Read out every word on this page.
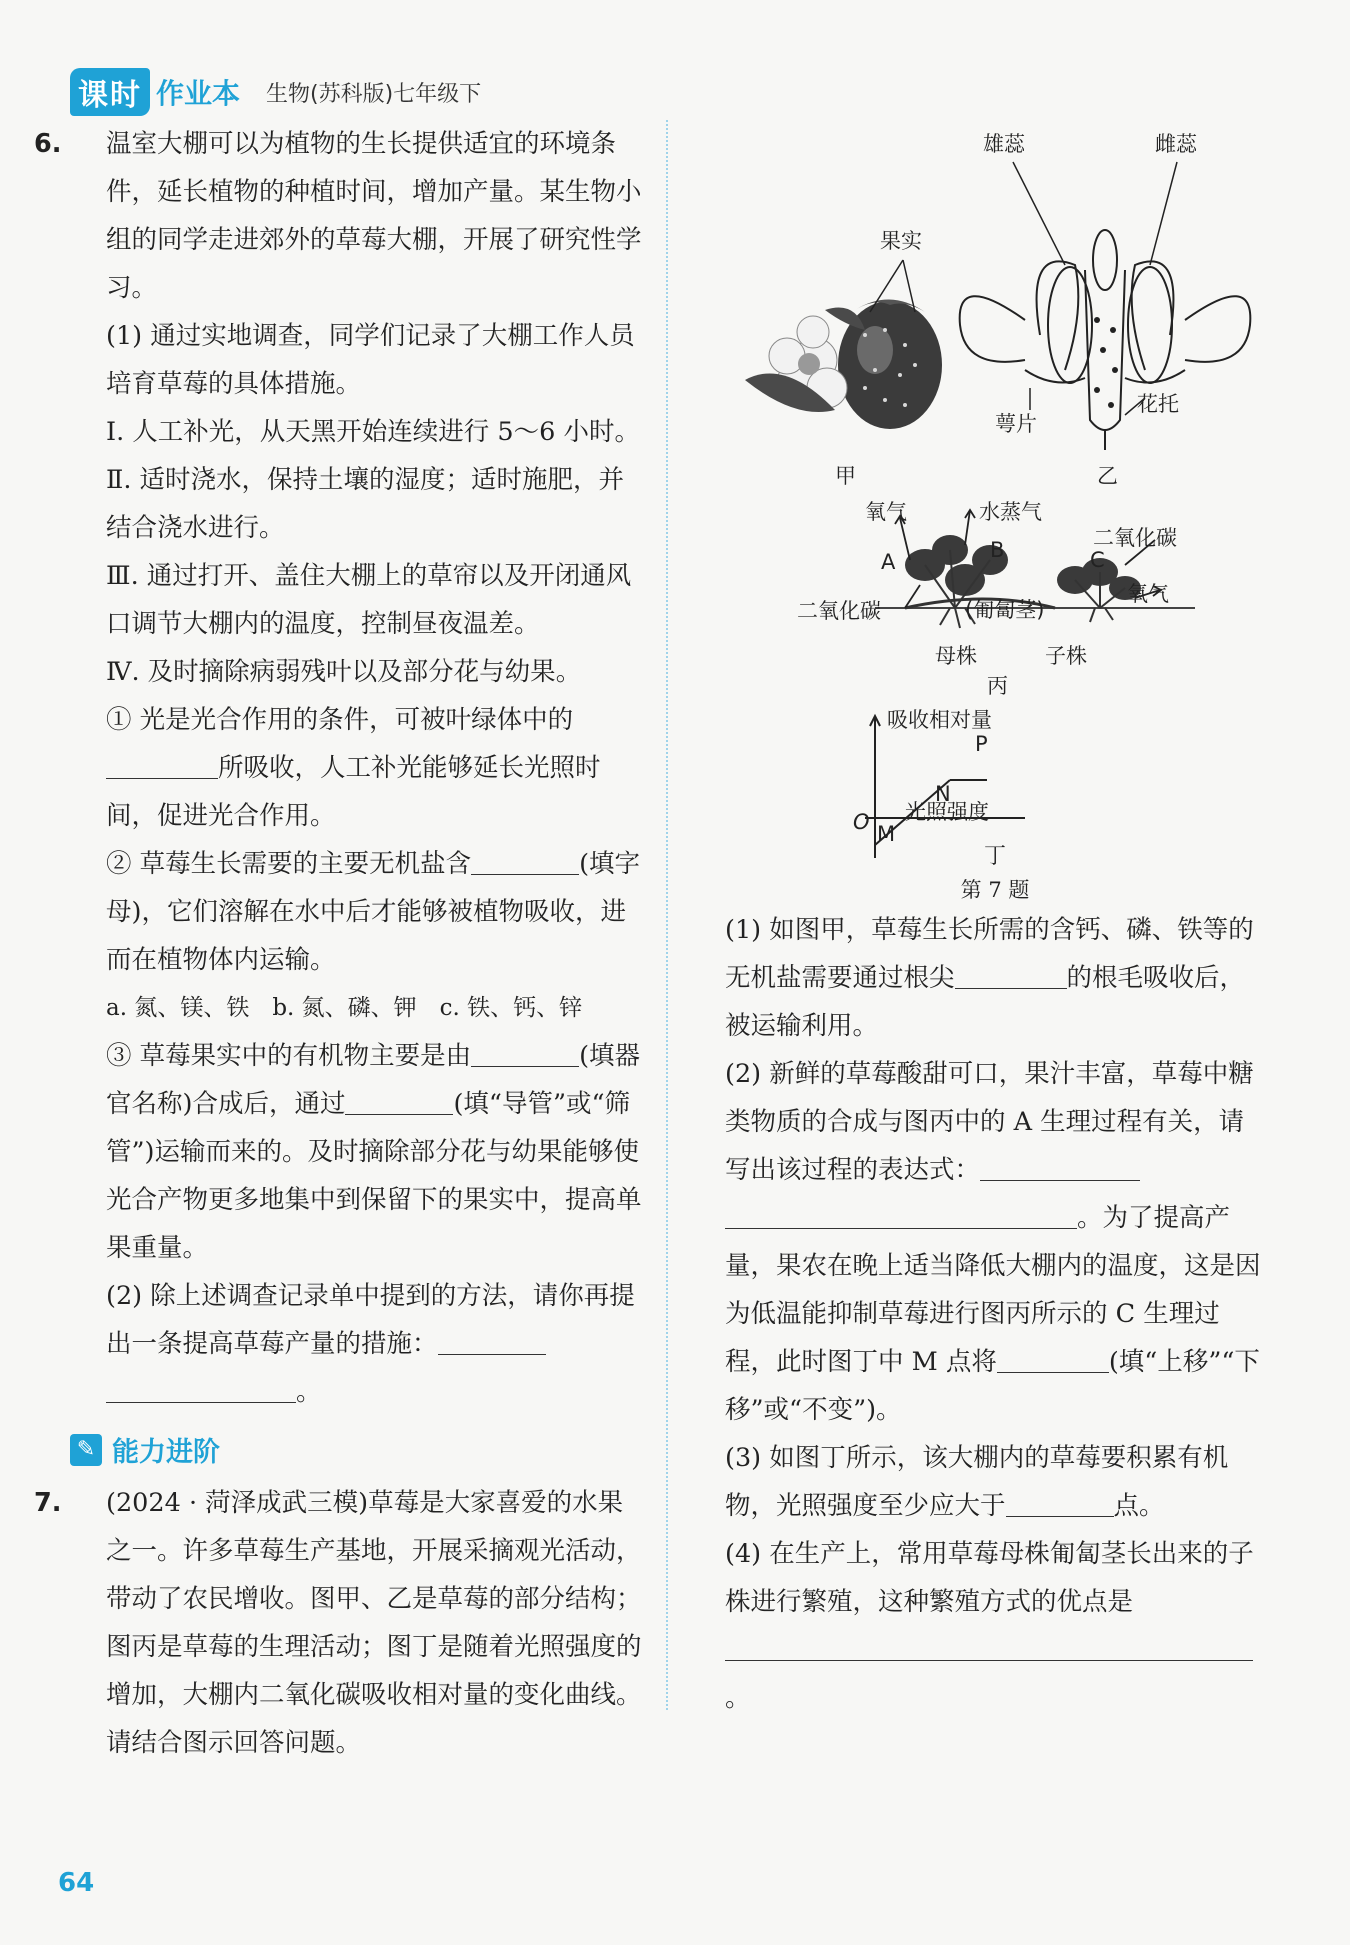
课时 作业本 生物(苏科版)七年级下

6. 温室大棚可以为植物的生长提供适宜的环境条件，延长植物的种植时间，增加产量。某生物小组的同学走进郊外的草莓大棚，开展了研究性学习。

(1) 通过实地调查，同学们记录了大棚工作人员培育草莓的具体措施。

Ⅰ. 人工补光，从天黑开始连续进行 5～6 小时。

Ⅱ. 适时浇水，保持土壤的湿度；适时施肥，并结合浇水进行。

Ⅲ. 通过打开、盖住大棚上的草帘以及开闭通风口调节大棚内的温度，控制昼夜温差。

Ⅳ. 及时摘除病弱残叶以及部分花与幼果。

① 光是光合作用的条件，可被叶绿体中的所吸收，人工补光能够延长光照时间，促进光合作用。

② 草莓生长需要的主要无机盐含	(填字母)，它们溶解在水中后才能够被植物吸收，进而在植物体内运输。

a. 氮、镁、铁　b. 氮、磷、钾　c. 铁、钙、锌

③ 草莓果实中的有机物主要是由	(填器官名称)合成后，通过	(填“导管”或“筛管”)运输而来的。及时摘除部分花与幼果能够使光合产物更多地集中到保留下的果实中，提高单果重量。

(2) 除上述调查记录单中提到的方法，请你再提出一条提高草莓产量的措施：
。

✎ 能力进阶

7. (2024 · 菏泽成武三模)草莓是大家喜爱的水果之一。许多草莓生产基地，开展采摘观光活动，带动了农民增收。图甲、乙是草莓的部分结构；图丙是草莓的生理活动；图丁是随着光照强度的增加，大棚内二氧化碳吸收相对量的变化曲线。请结合图示回答问题。

果实
雄蕊	雌蕊
萼片
花托
甲	乙
氧气	水蒸气
二氧化碳
氧气
二氧化碳
A	B	C
(匍匐茎)
母株	子株
丙
吸收相对量
P
N
光照强度
O M

丁

第 7 题

(1) 如图甲，草莓生长所需的含钙、磷、铁等的无机盐需要通过根尖	的根毛吸收后，被运输利用。

(2) 新鲜的草莓酸甜可口，果汁丰富，草莓中糖类物质的合成与图丙中的 A 生理过程有关，请写出该过程的表达式：
。为了提高产量，果农在晚上适当降低大棚内的温度，这是因为低温能抑制草莓进行图丙所示的 C 生理过程，此时图丁中 M 点将	(填“上移”“下移”或“不变”)。

(3) 如图丁所示，该大棚内的草莓要积累有机物，光照强度至少应大于	点。

(4) 在生产上，常用草莓母株匍匐茎长出来的子株进行繁殖，这种繁殖方式的优点是
。

64
